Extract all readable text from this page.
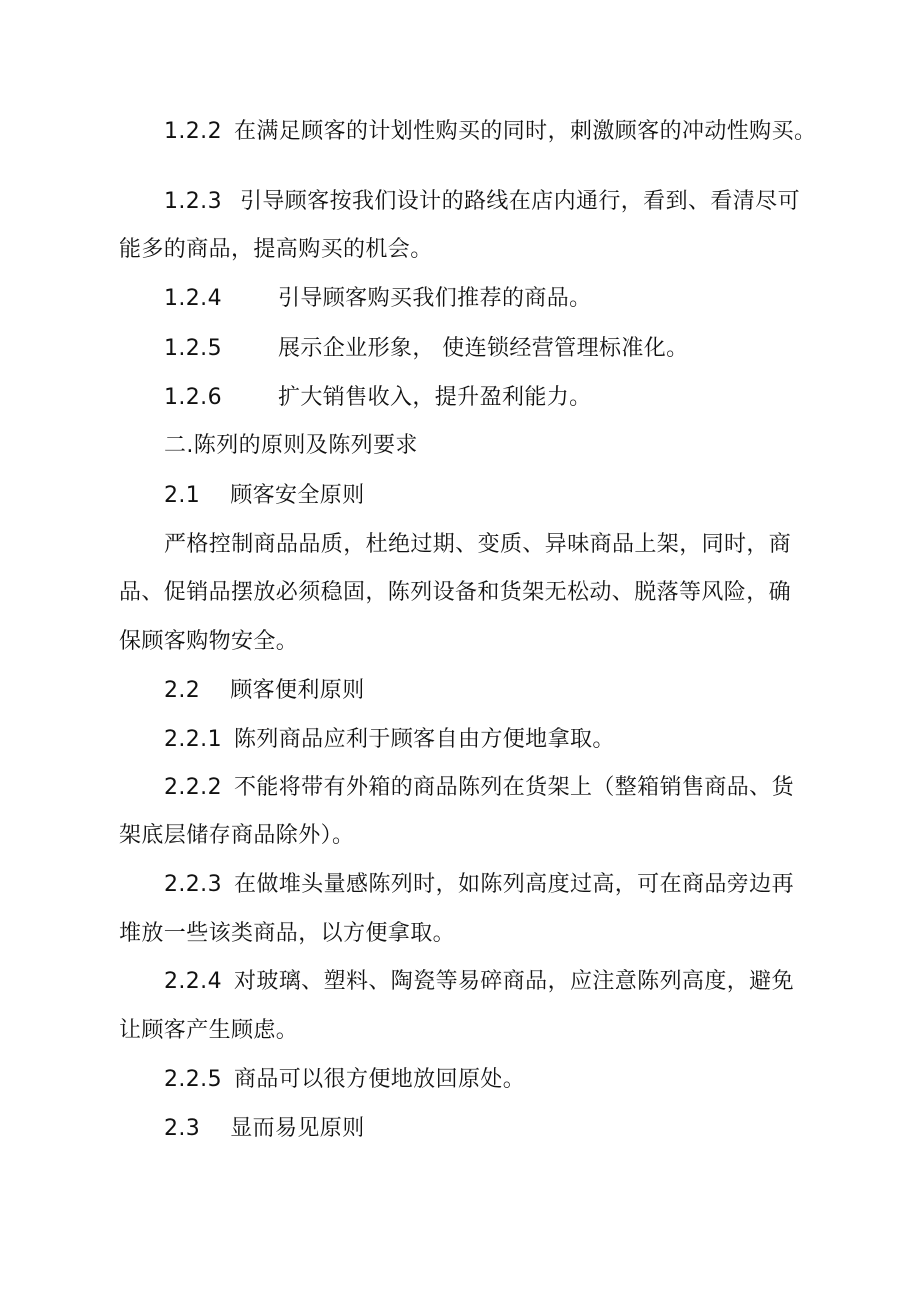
1.2.2 在满足顾客的计划性购买的同时，刺激顾客的冲动性购买。
1.2.3 引导顾客按我们设计的路线在店内通行，看到、看清尽可
能多的商品，提高购买的机会。
1.2.4	引导顾客购买我们推荐的商品。
1.2.5	展示企业形象， 使连锁经营管理标准化。
1.2.6	扩大销售收入，提升盈利能力。
二.陈列的原则及陈列要求
2.1 顾客安全原则
严格控制商品品质，杜绝过期、变质、异味商品上架，同时，商
品、促销品摆放必须稳固，陈列设备和货架无松动、脱落等风险，确
保顾客购物安全。
2.2 顾客便利原则
2.2.1 陈列商品应利于顾客自由方便地拿取。
2.2.2 不能将带有外箱的商品陈列在货架上（整箱销售商品、货
架底层储存商品除外）。
2.2.3 在做堆头量感陈列时，如陈列高度过高，可在商品旁边再
堆放一些该类商品，以方便拿取。
2.2.4 对玻璃、塑料、陶瓷等易碎商品，应注意陈列高度，避免
让顾客产生顾虑。
2.2.5 商品可以很方便地放回原处。
2.3 显而易见原则
